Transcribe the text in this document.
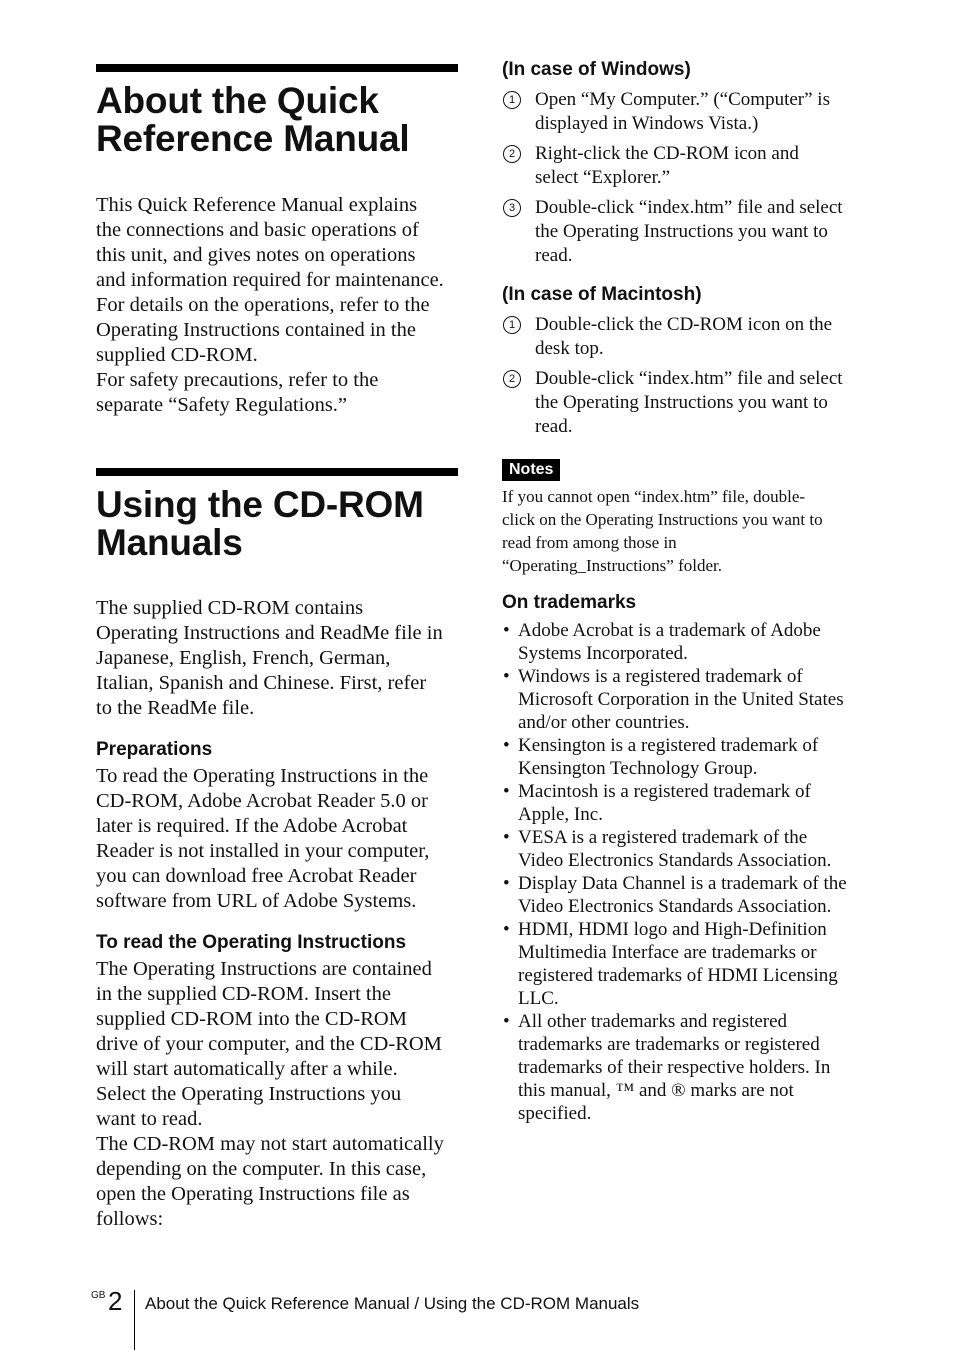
About the Quick
Reference Manual
This Quick Reference Manual explains
the connections and basic operations of
this unit, and gives notes on operations
and information required for maintenance.
For details on the operations, refer to the
Operating Instructions contained in the
supplied CD-ROM.
For safety precautions, refer to the
separate “Safety Regulations.”
Using the CD-ROM
Manuals
The supplied CD-ROM contains
Operating Instructions and ReadMe file in
Japanese, English, French, German,
Italian, Spanish and Chinese. First, refer
to the ReadMe file.
Preparations
To read the Operating Instructions in the
CD-ROM, Adobe Acrobat Reader 5.0 or
later is required. If the Adobe Acrobat
Reader is not installed in your computer,
you can download free Acrobat Reader
software from URL of Adobe Systems.
To read the Operating Instructions
The Operating Instructions are contained
in the supplied CD-ROM. Insert the
supplied CD-ROM into the CD-ROM
drive of your computer, and the CD-ROM
will start automatically after a while.
Select the Operating Instructions you
want to read.
The CD-ROM may not start automatically
depending on the computer. In this case,
open the Operating Instructions file as
follows:
(In case of Windows)
1	Open “My Computer.” (“Computer” is
displayed in Windows Vista.)
2	Right-click the CD-ROM icon and
select “Explorer.”
3	Double-click “index.htm” file and select
the Operating Instructions you want to
read.
(In case of Macintosh)
1	Double-click the CD-ROM icon on the
desk top.
2	Double-click “index.htm” file and select
the Operating Instructions you want to
read.
Notes
If you cannot open “index.htm” file, double-
click on the Operating Instructions you want to
read from among those in
“Operating_Instructions” folder.
On trademarks
• Adobe Acrobat is a trademark of Adobe
Systems Incorporated.
• Windows is a registered trademark of
Microsoft Corporation in the United States
and/or other countries.
• Kensington is a registered trademark of
Kensington Technology Group.
• Macintosh is a registered trademark of
Apple, Inc.
• VESA is a registered trademark of the
Video Electronics Standards Association.
• Display Data Channel is a trademark of the
Video Electronics Standards Association.
• HDMI, HDMI logo and High-Definition
Multimedia Interface are trademarks or
registered trademarks of HDMI Licensing
LLC.
• All other trademarks and registered
trademarks are trademarks or registered
trademarks of their respective holders. In
this manual, ™ and ® marks are not
specified.
GB 2 About the Quick Reference Manual / Using the CD-ROM Manuals
